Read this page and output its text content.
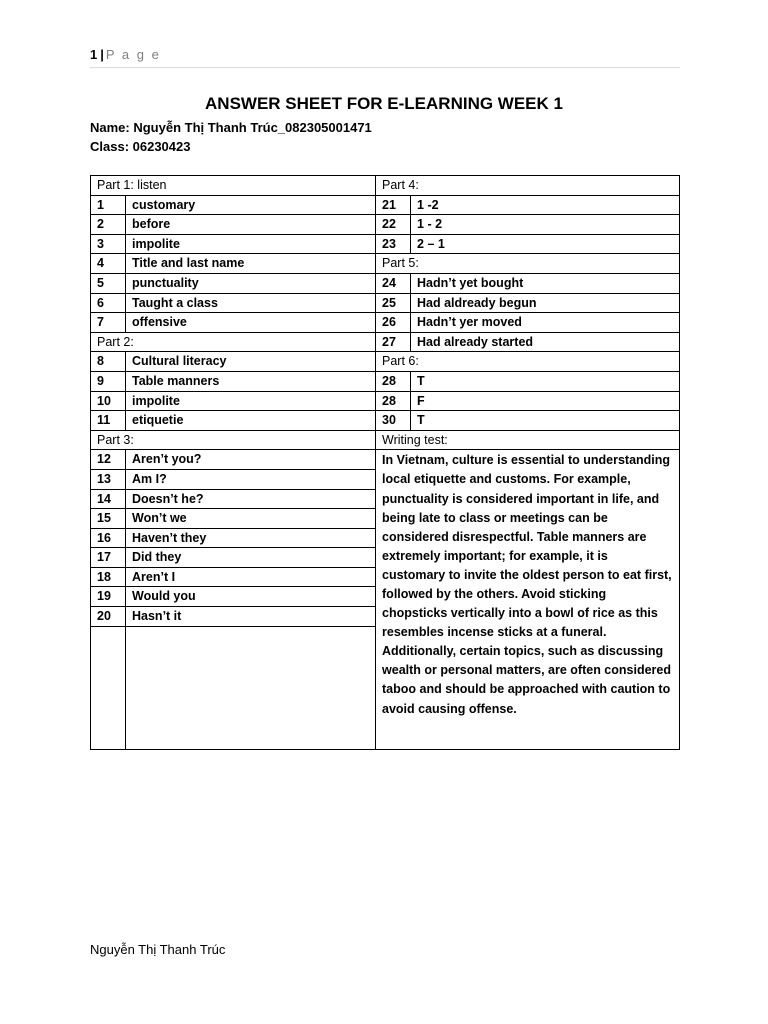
1 | P a g e
ANSWER SHEET FOR E-LEARNING WEEK 1
Name: Nguyễn Thị Thanh Trúc_082305001471
Class: 06230423
Part 1: listen		Part 4:	
1	customary	21	1 -2
2	before	22	1 - 2
3	impolite	23	2 – 1
4	Title and last name	Part 5:	
5	punctuality	24	Hadn’t yet bought
6	Taught a class	25	Had aldready begun
7	offensive	26	Hadn’t yer moved
Part 2:		27	Had already started
8	Cultural literacy	Part 6:	
9	Table manners	28	T
10	impolite	28	F
11	etiquetie	30	T
Part 3:		Writing test:	
12	Aren’t you?	In Vietnam, culture is essential to understanding local etiquette and customs. For example, punctuality is considered important in life, and being late to class or meetings can be considered disrespectful. Table manners are extremely important; for example, it is customary to invite the oldest person to eat first, followed by the others. Avoid sticking chopsticks vertically into a bowl of rice as this resembles incense sticks at a funeral. Additionally, certain topics, such as discussing wealth or personal matters, are often considered taboo and should be approached with caution to avoid causing offense.	
13	Am I?		
14	Doesn’t he?		
15	Won’t we		
16	Haven’t they		
17	Did they		
18	Aren’t I		
19	Would you		
20	Hasn’t it		

Nguyễn Thị Thanh Trúc
